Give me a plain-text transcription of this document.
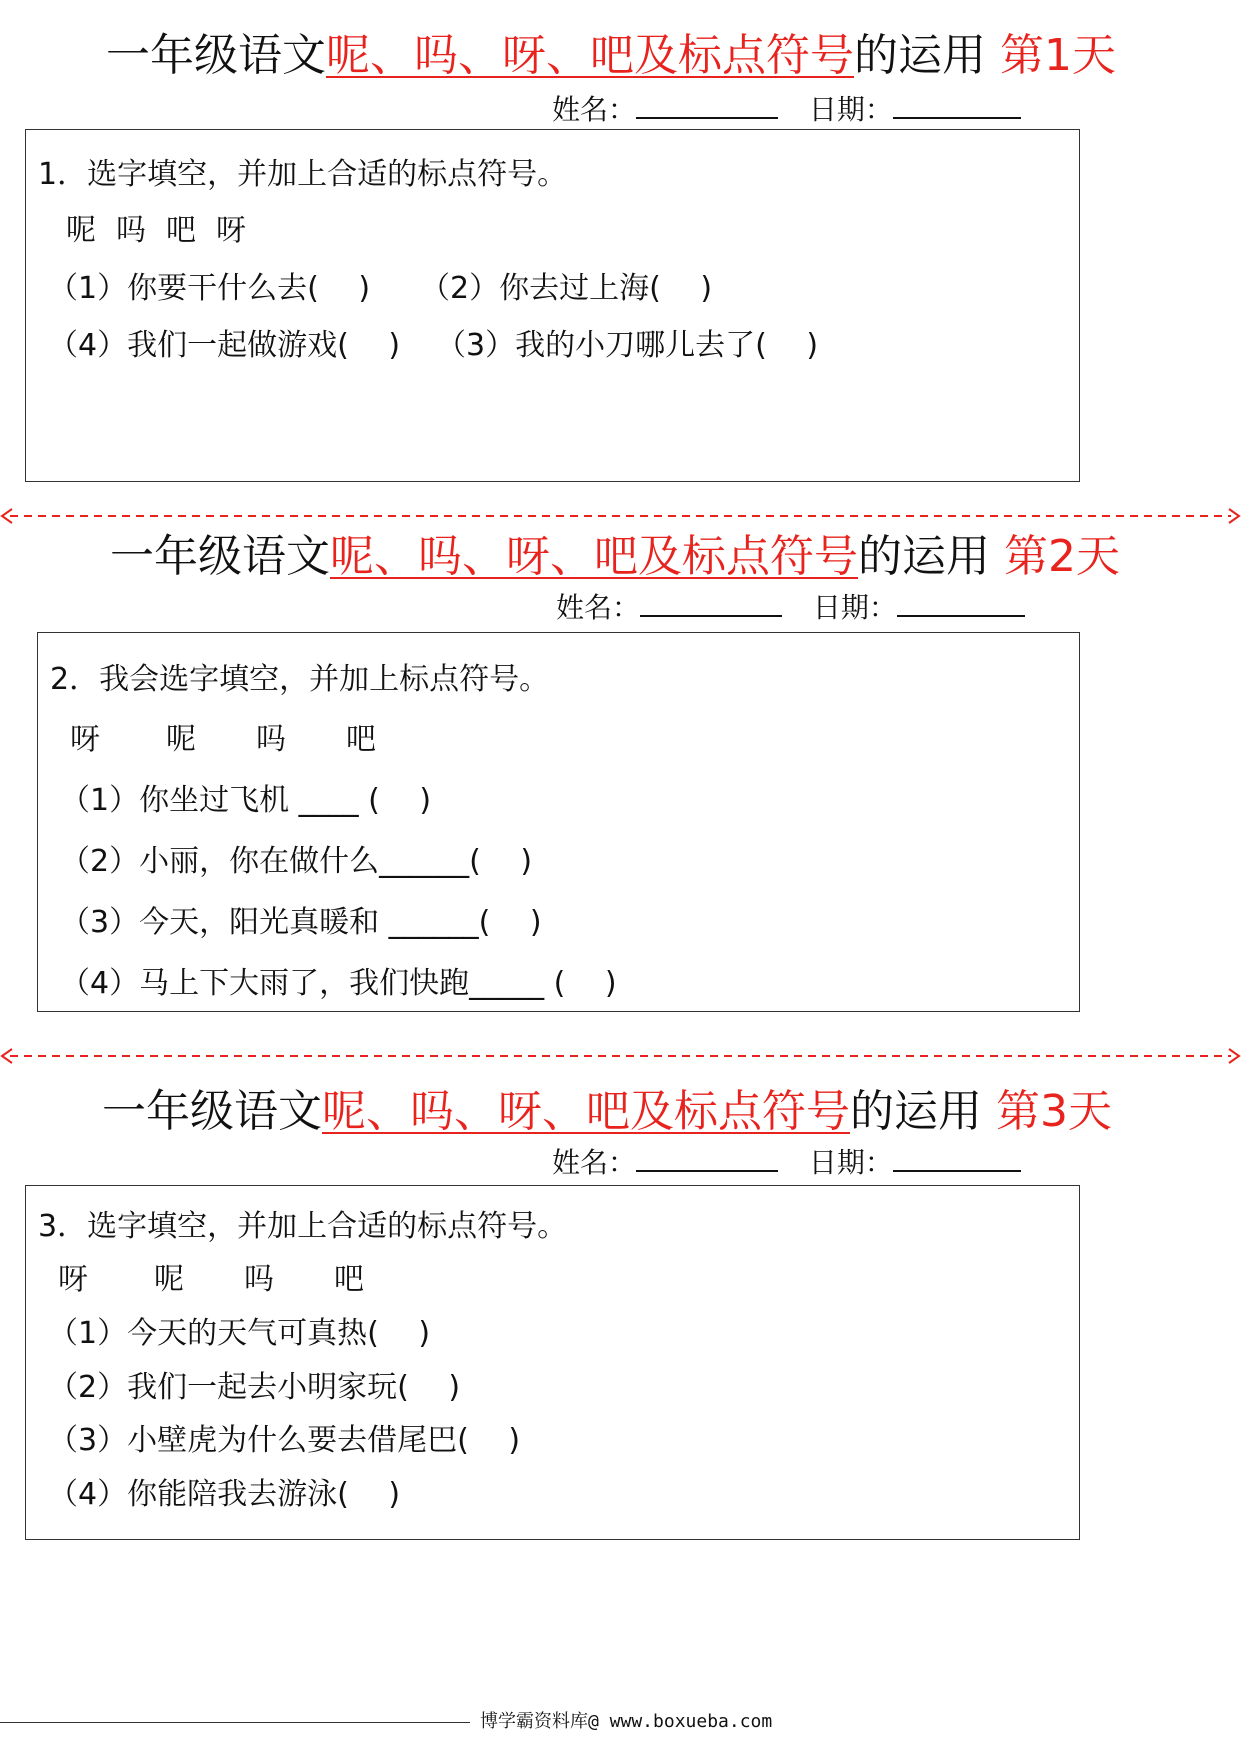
一年级语文呢、吗、呀、吧及标点符号的运用 第1天
姓名：	日期：
1．选字填空，并加上合适的标点符号。
呢 吗 吧 呀
（1）你要干什么去(　 ) （2）你去过上海(　 )
（4）我们一起做游戏(　 ) （3）我的小刀哪儿去了(　 )
一年级语文呢、吗、呀、吧及标点符号的运用 第2天
姓名：	日期：
2．我会选字填空，并加上标点符号。
呀 呢 吗 吧
（1）你坐过飞机 ____ (　 )
（2）小丽，你在做什么______(　 )
（3）今天，阳光真暖和 ______(　 )
（4）马上下大雨了，我们快跑_____ (　 )
一年级语文呢、吗、呀、吧及标点符号的运用 第3天
姓名：	日期：
3．选字填空，并加上合适的标点符号。
呀 呢 吗 吧
（1）今天的天气可真热(　 )
（2）我们一起去小明家玩(　 )
（3）小壁虎为什么要去借尾巴(　 )
（4）你能陪我去游泳(　 )
博学霸资料库@ www.boxueba.com
